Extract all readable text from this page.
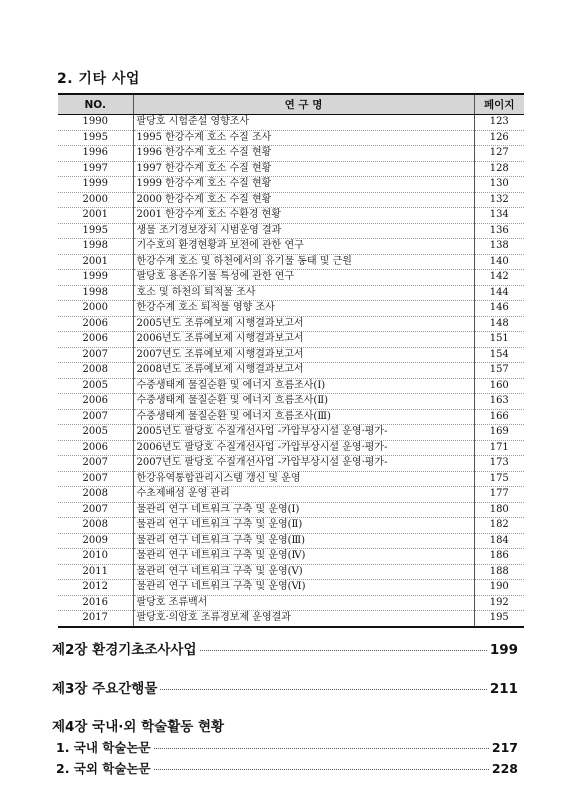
2. 기타 사업
NO.	연 구 명	페이지
1990	팔당호 시험준설 영향조사	123
1995	1995 한강수계 호소 수질 조사	126
1996	1996 한강수계 호소 수질 현황	127
1997	1997 한강수계 호소 수질 현황	128
1999	1999 한강수계 호소 수질 현황	130
2000	2000 한강수계 호소 수질 현황	132
2001	2001 한강수계 호소 수환경 현황	134
1995	생물 조기경보장치 시범운영 결과	136
1998	기수호의 환경현황과 보전에 관한 연구	138
2001	한강수계 호소 및 하천에서의 유기물 동태 및 근원	140
1999	팔당호 용존유기물 특성에 관한 연구	142
1998	호소 및 하천의 퇴적물 조사	144
2000	한강수계 호소 퇴적물 영향 조사	146
2006	2005년도 조류예보제 시행결과보고서	148
2006	2006년도 조류예보제 시행결과보고서	151
2007	2007년도 조류예보제 시행결과보고서	154
2008	2008년도 조류예보제 시행결과보고서	157
2005	수중생태계 물질순환 및 에너지 흐름조사(Ⅰ)	160
2006	수중생태계 물질순환 및 에너지 흐름조사(Ⅱ)	163
2007	수중생태계 물질순환 및 에너지 흐름조사(Ⅲ)	166
2005	2005년도 팔당호 수질개선사업 -가압부상시설 운영·평가-	169
2006	2006년도 팔당호 수질개선사업 -가압부상시설 운영·평가-	171
2007	2007년도 팔당호 수질개선사업 -가압부상시설 운영·평가-	173
2007	한강유역통합관리시스템 갱신 및 운영	175
2008	수초제배섬 운영 관리	177
2007	물관리 연구 네트워크 구축 및 운영(Ⅰ)	180
2008	물관리 연구 네트워크 구축 및 운영(Ⅱ)	182
2009	물관리 연구 네트워크 구축 및 운영(Ⅲ)	184
2010	물관리 연구 네트워크 구축 및 운영(Ⅳ)	186
2011	물관리 연구 네트워크 구축 및 운영(Ⅴ)	188
2012	물관리 연구 네트워크 구축 및 운영(Ⅵ)	190
2016	팔당호 조류백서	192
2017	팔당호·의암호 조류경보제 운영결과	195
제2장 환경기초조사사업	199
제3장 주요간행물	211
제4장 국내·외 학술활동 현황
1. 국내 학술논문	217
2. 국외 학술논문	228
